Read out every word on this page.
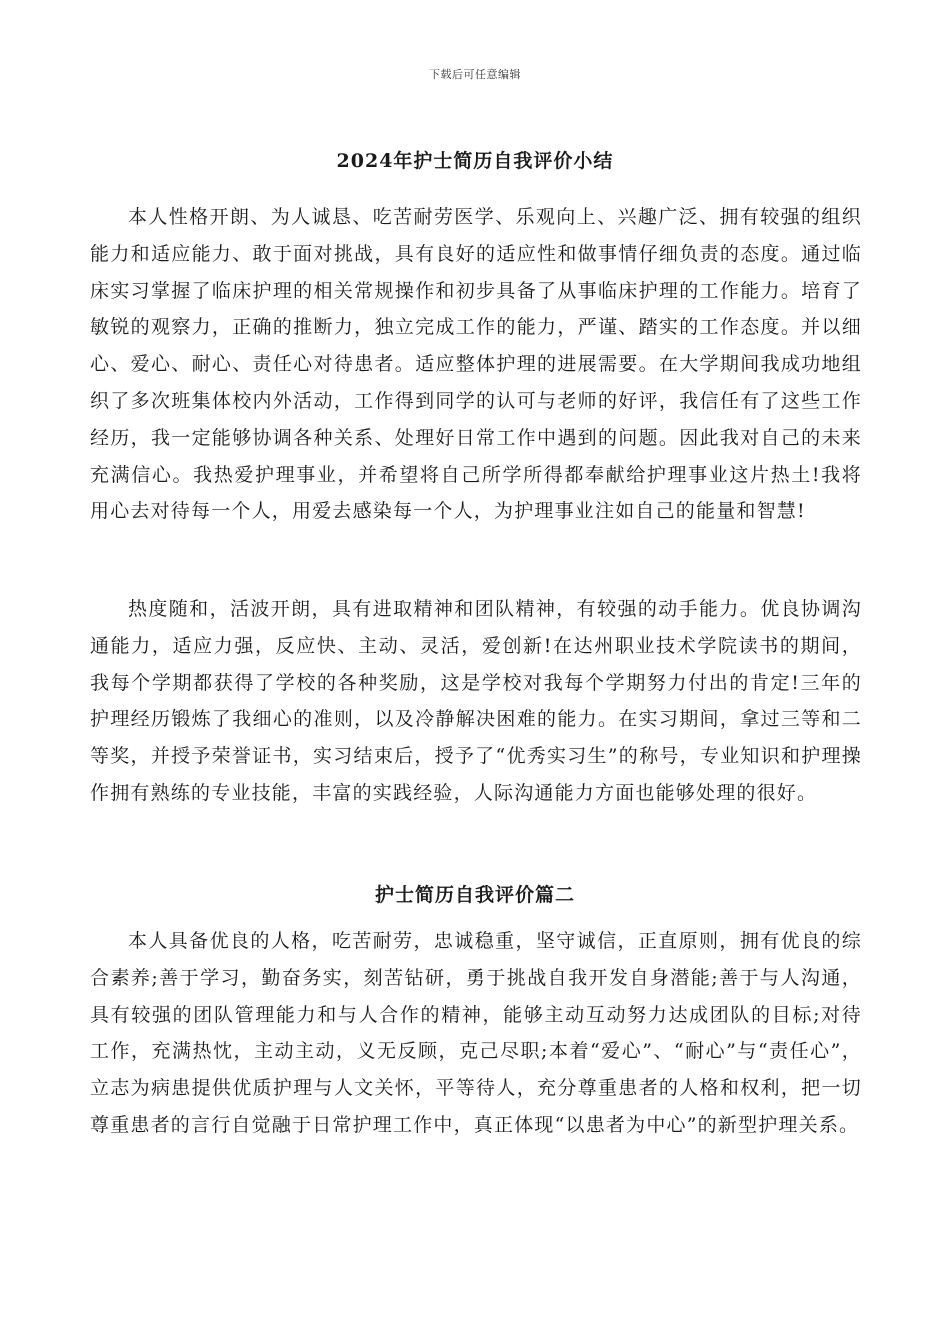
下载后可任意编辑
2024年护士简历自我评价小结

本人性格开朗、为人诚恳、吃苦耐劳医学、乐观向上、兴趣广泛、拥有较强的组织能力和适应能力、敢于面对挑战，具有良好的适应性和做事情仔细负责的态度。通过临床实习掌握了临床护理的相关常规操作和初步具备了从事临床护理的工作能力。培育了敏锐的观察力，正确的推断力，独立完成工作的能力，严谨、踏实的工作态度。并以细心、爱心、耐心、责任心对待患者。适应整体护理的进展需要。在大学期间我成功地组织了多次班集体校内外活动，工作得到同学的认可与老师的好评，我信任有了这些工作经历，我一定能够协调各种关系、处理好日常工作中遇到的问题。因此我对自己的未来充满信心。我热爱护理事业，并希望将自己所学所得都奉献给护理事业这片热土!我将用心去对待每一个人，用爱去感染每一个人，为护理事业注如自己的能量和智慧!

热度随和，活波开朗，具有进取精神和团队精神，有较强的动手能力。优良协调沟通能力，适应力强，反应快、主动、灵活，爱创新!在达州职业技术学院读书的期间，我每个学期都获得了学校的各种奖励，这是学校对我每个学期努力付出的肯定!三年的护理经历锻炼了我细心的准则，以及冷静解决困难的能力。在实习期间，拿过三等和二等奖，并授予荣誉证书，实习结束后，授予了“优秀实习生”的称号，专业知识和护理操作拥有熟练的专业技能，丰富的实践经验，人际沟通能力方面也能够处理的很好。

护士简历自我评价篇二

本人具备优良的人格，吃苦耐劳，忠诚稳重，坚守诚信，正直原则，拥有优良的综合素养;善于学习，勤奋务实，刻苦钻研，勇于挑战自我开发自身潜能;善于与人沟通，具有较强的团队管理能力和与人合作的精神，能够主动互动努力达成团队的目标;对待工作，充满热忱，主动主动，义无反顾，克己尽职;本着“爱心”、“耐心”与“责任心”，立志为病患提供优质护理与人文关怀，平等待人，充分尊重患者的人格和权利，把一切尊重患者的言行自觉融于日常护理工作中，真正体现“以患者为中心”的新型护理关系。
